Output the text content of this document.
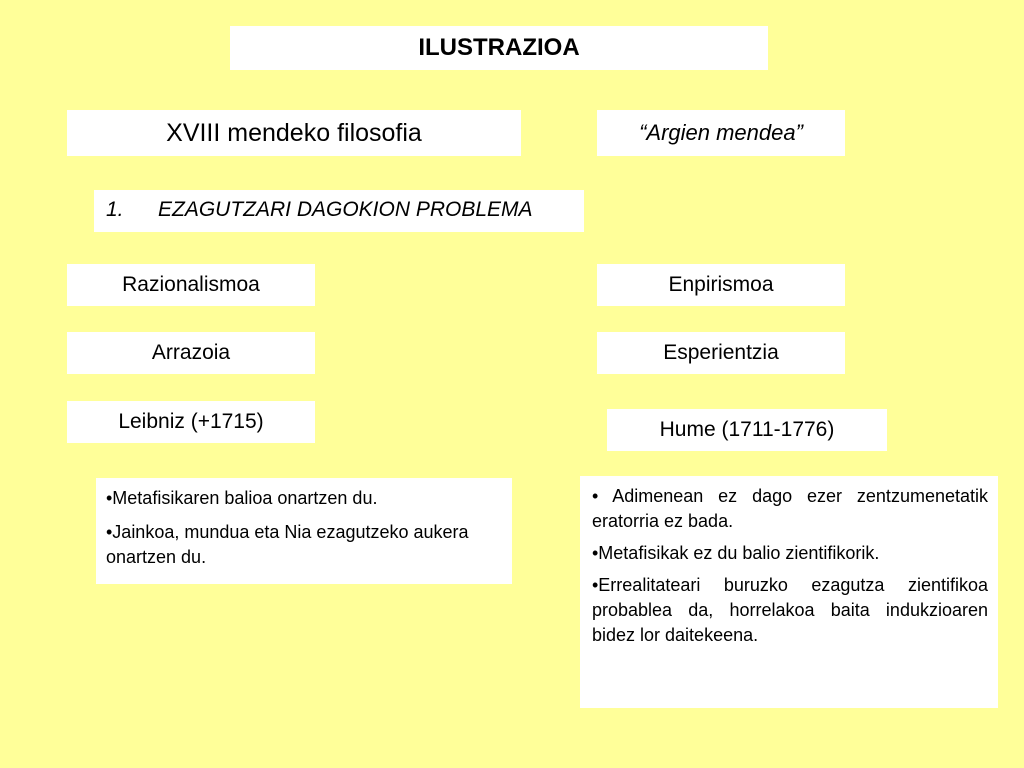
ILUSTRAZIOA
XVIII mendeko filosofia	“Argien mendea”
1. EZAGUTZARI DAGOKION PROBLEMA
Razionalismoa	Enpirismoa
Arrazoia	Esperientzia
Leibniz (+1715)	Hume (1711-1776)

•Metafisikaren balioa onartzen du.

•Jainkoa, mundua eta Nia ezagutzeko aukera onartzen du.

• Adimenean ez dago ezer zentzumenetatik eratorria ez bada.

•Metafisikak ez du balio zientifikorik.

•Errealitateari buruzko ezagutza zientifikoa probablea da, horrelakoa baita indukzioaren bidez lor daitekeena.
